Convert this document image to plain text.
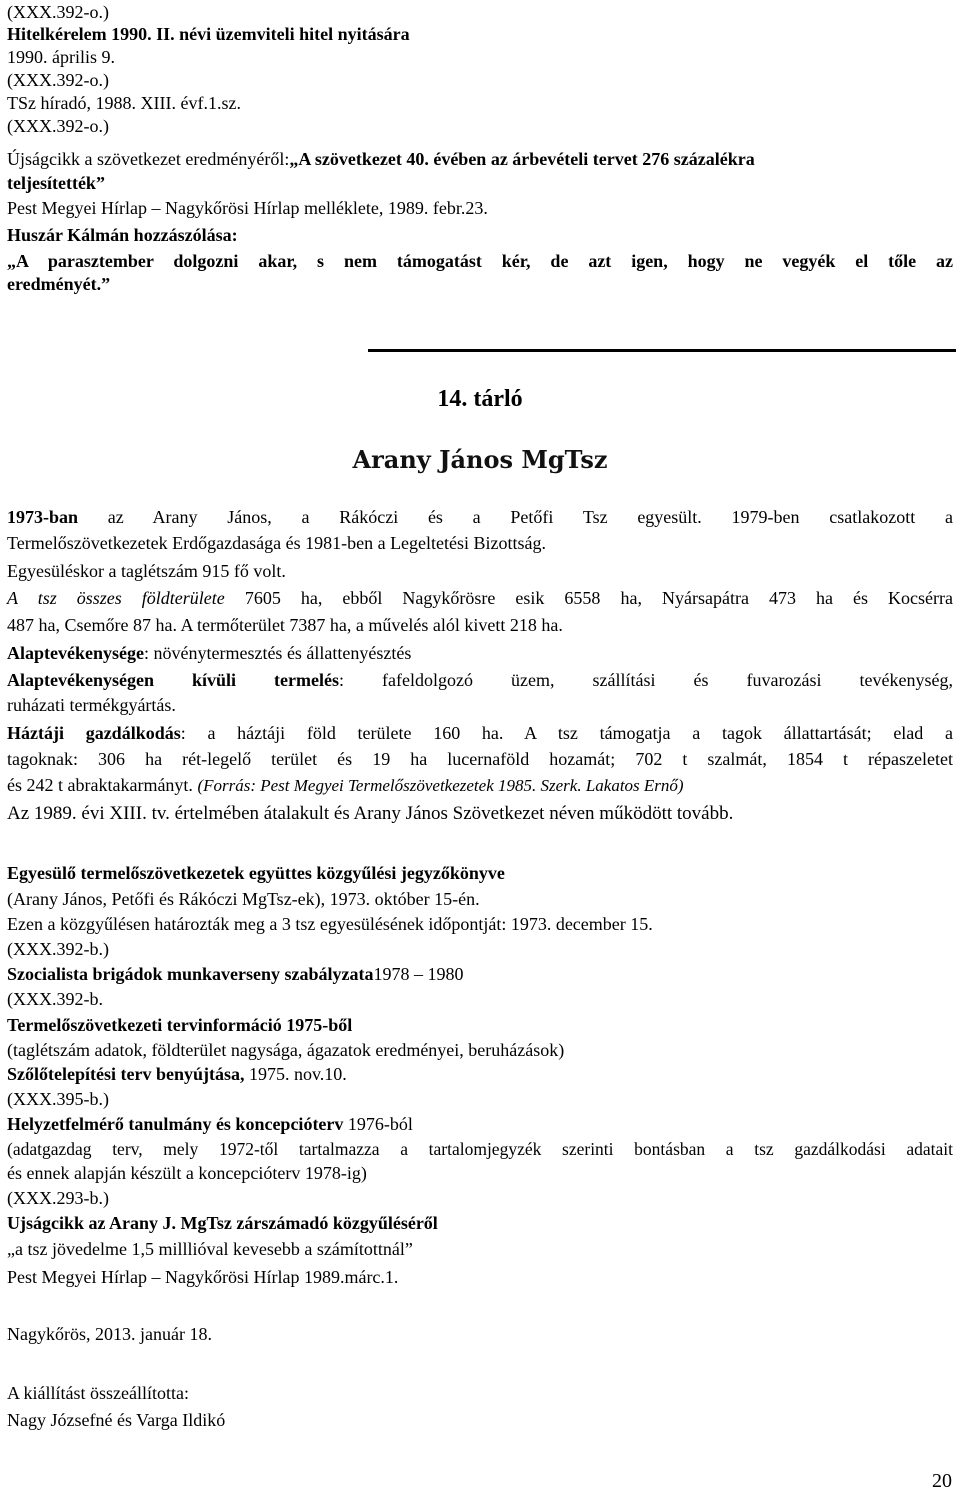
(XXX.392-o.)
Hitelkérelem 1990. II. névi üzemviteli hitel nyitására
1990. április 9.
(XXX.392-o.)
TSz híradó, 1988. XIII. évf.1.sz.
(XXX.392-o.)
Újságcikk a szövetkezet eredményéről:„A szövetkezet 40. évében az árbevételi tervet 276 százalékra
teljesítették”
Pest Megyei Hírlap – Nagykőrösi Hírlap melléklete, 1989. febr.23.
Huszár Kálmán hozzászólása:
„A parasztember dolgozni akar, s nem támogatást kér, de azt igen, hogy ne vegyék el tőle az
eredményét.”
14. tárló
Arany János MgTsz
1973-ban az Arany János, a Rákóczi és a Petőfi Tsz egyesült. 1979-ben csatlakozott a
Termelőszövetkezetek Erdőgazdasága és 1981-ben a Legeltetési Bizottság.
Egyesüléskor a taglétszám 915 fő volt.
A tsz összes földterülete 7605 ha, ebből Nagykőrösre esik 6558 ha, Nyársapátra 473 ha és Kocsérra
487 ha, Csemőre 87 ha. A termőterület 7387 ha, a művelés alól kivett 218 ha.
Alaptevékenysége: növénytermesztés és állattenyésztés
Alaptevékenységen kívüli termelés: fafeldolgozó üzem, szállítási és fuvarozási tevékenység,
ruházati termékgyártás.
Háztáji gazdálkodás: a háztáji föld területe 160 ha. A tsz támogatja a tagok állattartását; elad a
tagoknak: 306 ha rét-legelő terület és 19 ha lucernaföld hozamát; 702 t szalmát, 1854 t répaszeletet
és 242 t abraktakarmányt. (Forrás: Pest Megyei Termelőszövetkezetek 1985. Szerk. Lakatos Ernő)
Az 1989. évi XIII. tv. értelmében átalakult és Arany János Szövetkezet néven működött tovább.
Egyesülő termelőszövetkezetek együttes közgyűlési jegyzőkönyve
(Arany János, Petőfi és Rákóczi MgTsz-ek), 1973. október 15-én.
Ezen a közgyűlésen határozták meg a 3 tsz egyesülésének időpontját: 1973. december 15.
(XXX.392-b.)
Szocialista brigádok munkaverseny szabályzata1978 – 1980
(XXX.392-b.
Termelőszövetkezeti tervinformáció 1975-ből
(taglétszám adatok, földterület nagysága, ágazatok eredményei, beruházások)
Szőlőtelepítési terv benyújtása, 1975. nov.10.
(XXX.395-b.)
Helyzetfelmérő tanulmány és koncepcióterv 1976-ból
(adatgazdag terv, mely 1972-től tartalmazza a tartalomjegyzék szerinti bontásban a tsz gazdálkodási adatait
és ennek alapján készült a koncepcióterv 1978-ig)
(XXX.293-b.)
Ujságcikk az Arany J. MgTsz zárszámadó közgyűléséről
„a tsz jövedelme 1,5 milllióval kevesebb a számítottnál”
Pest Megyei Hírlap – Nagykőrösi Hírlap 1989.márc.1.
Nagykőrös, 2013. január 18.
A kiállítást összeállította:
Nagy Józsefné és Varga Ildikó
20
